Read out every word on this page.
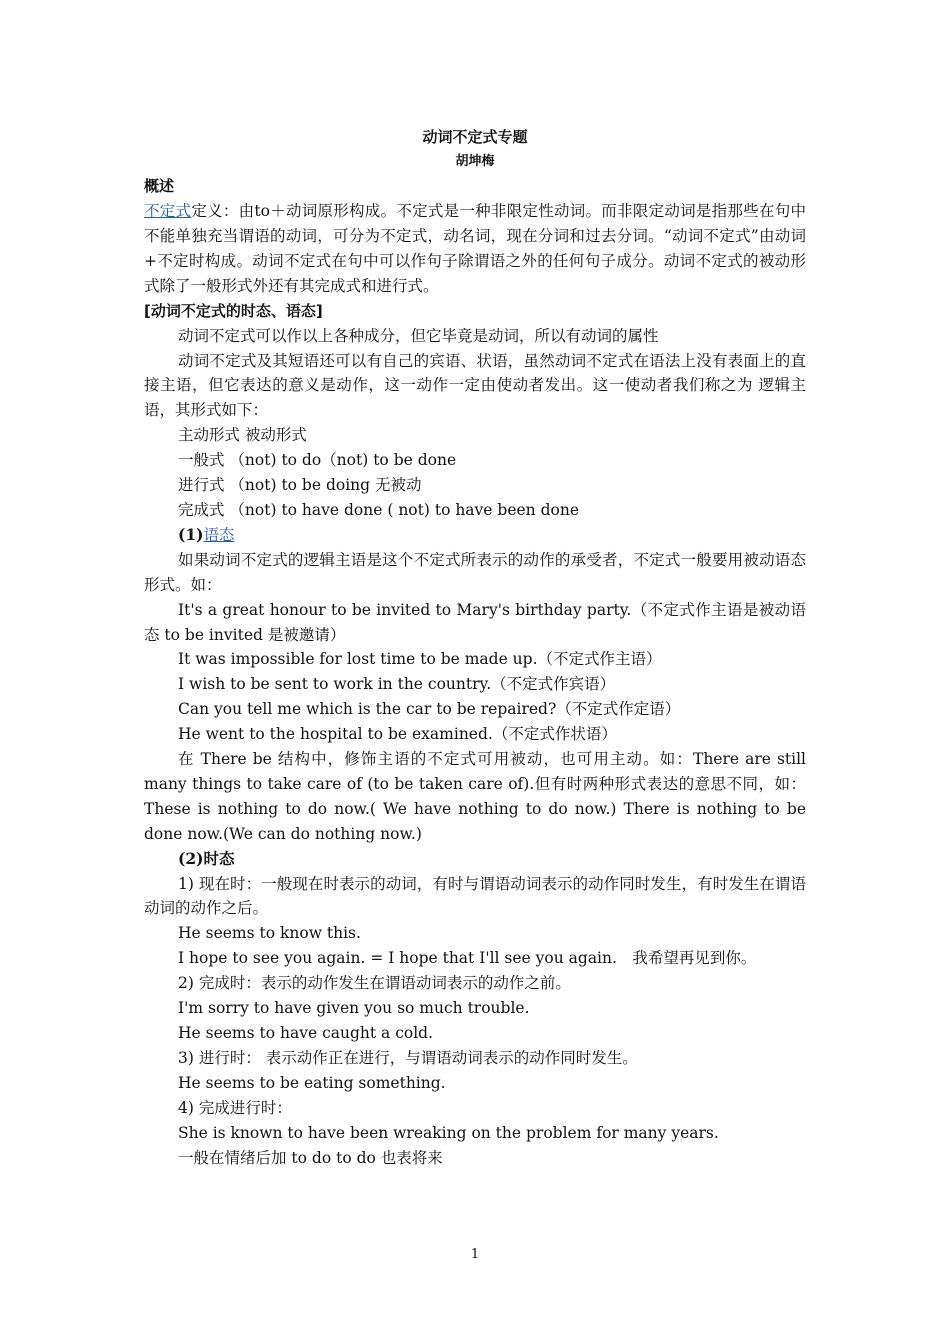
动词不定式专题
胡坤梅
概述

不定式定义：由to＋动词原形构成。不定式是一种非限定性动词。而非限定动词是指那些在句中不能单独充当谓语的动词，可分为不定式，动名词，现在分词和过去分词。“动词不定式”由动词+不定时构成。动词不定式在句中可以作句子除谓语之外的任何句子成分。动词不定式的被动形式除了一般形式外还有其完成式和进行式。

[动词不定式的时态、语态]

动词不定式可以作以上各种成分，但它毕竟是动词，所以有动词的属性

动词不定式及其短语还可以有自己的宾语、状语，虽然动词不定式在语法上没有表面上的直接主语，但它表达的意义是动作，这一动作一定由使动者发出。这一使动者我们称之为 逻辑主语，其形式如下：

主动形式 被动形式

一般式 （not) to do（not) to be done

进行式 （not) to be doing 无被动

完成式 （not) to have done ( not) to have been done

(1)语态

如果动词不定式的逻辑主语是这个不定式所表示的动作的承受者，不定式一般要用被动语态形式。如：

It's a great honour to be invited to Mary's birthday party.（不定式作主语是被动语态 to be invited 是被邀请）

It was impossible for lost time to be made up.（不定式作主语）

I wish to be sent to work in the country.（不定式作宾语）

Can you tell me which is the car to be repaired?（不定式作定语）

He went to the hospital to be examined.（不定式作状语）

在 There be 结构中，修饰主语的不定式可用被动，也可用主动。如：There are still many things to take care of (to be taken care of).但有时两种形式表达的意思不同，如：These is nothing to do now.( We have nothing to do now.) There is nothing to be done now.(We can do nothing now.)

(2)时态

1) 现在时：一般现在时表示的动词，有时与谓语动词表示的动作同时发生，有时发生在谓语动词的动作之后。

He seems to know this.

I hope to see you again. = I hope that I'll see you again.　我希望再见到你。

2) 完成时：表示的动作发生在谓语动词表示的动作之前。

I'm sorry to have given you so much trouble.

He seems to have caught a cold.

3) 进行时： 表示动作正在进行，与谓语动词表示的动作同时发生。

He seems to be eating something.

4) 完成进行时：

She is known to have been wreaking on the problem for many years.

一般在情绪后加 to do to do 也表将来

1
